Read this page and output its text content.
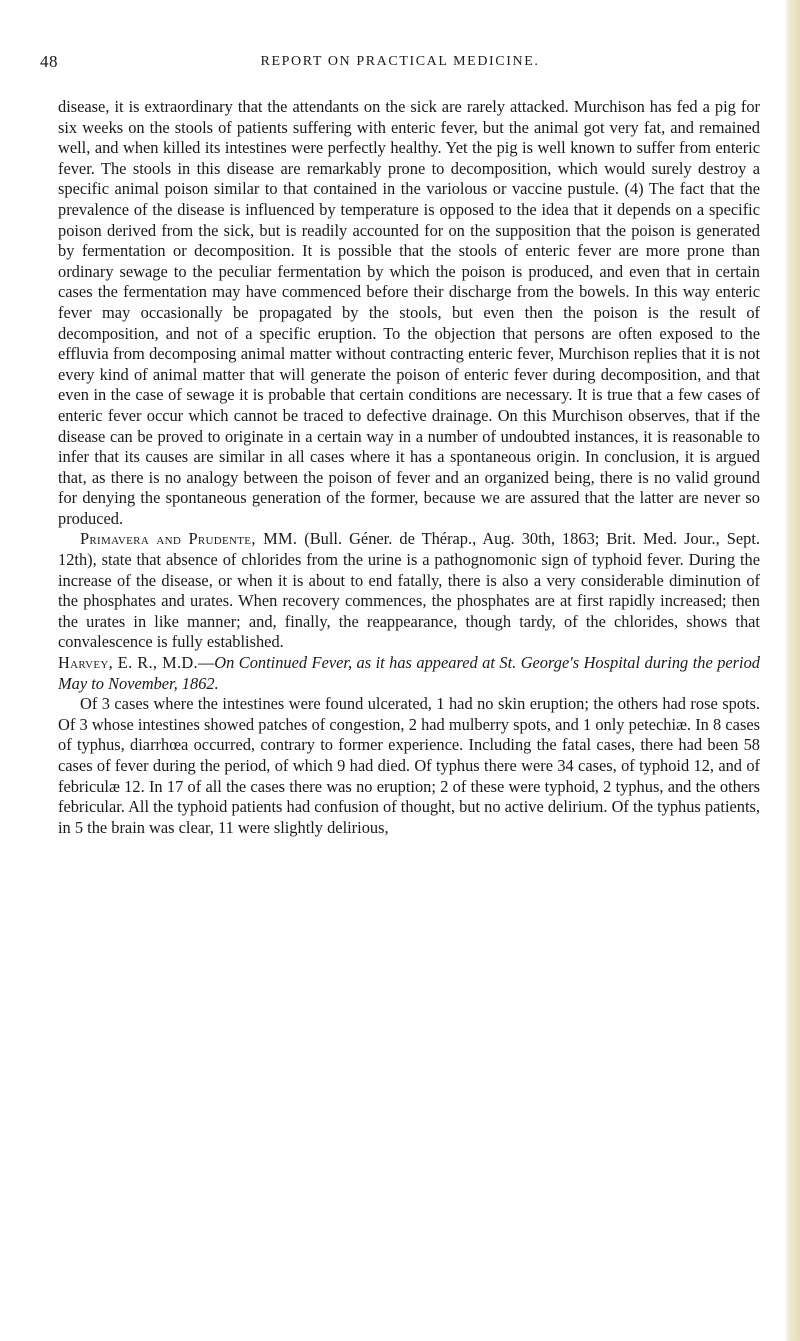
48	REPORT ON PRACTICAL MEDICINE.

disease, it is extraordinary that the attendants on the sick are rarely attacked. Murchison has fed a pig for six weeks on the stools of patients suffering with enteric fever, but the animal got very fat, and remained well, and when killed its intestines were perfectly healthy. Yet the pig is well known to suffer from enteric fever. The stools in this disease are remarkably prone to decomposition, which would surely destroy a specific animal poison similar to that contained in the variolous or vaccine pustule. (4) The fact that the prevalence of the disease is influenced by temperature is opposed to the idea that it depends on a specific poison derived from the sick, but is readily accounted for on the supposition that the poison is generated by fermentation or decomposition. It is possible that the stools of enteric fever are more prone than ordinary sewage to the peculiar fermentation by which the poison is produced, and even that in certain cases the fermentation may have commenced before their discharge from the bowels. In this way enteric fever may occasionally be propagated by the stools, but even then the poison is the result of decomposition, and not of a specific eruption. To the objection that persons are often exposed to the effluvia from decomposing animal matter without contracting enteric fever, Murchison replies that it is not every kind of animal matter that will generate the poison of enteric fever during decomposition, and that even in the case of sewage it is probable that certain conditions are necessary. It is true that a few cases of enteric fever occur which cannot be traced to defective drainage. On this Murchison observes, that if the disease can be proved to originate in a certain way in a number of undoubted instances, it is reasonable to infer that its causes are similar in all cases where it has a spontaneous origin. In conclusion, it is argued that, as there is no analogy between the poison of fever and an organized being, there is no valid ground for denying the spontaneous generation of the former, because we are assured that the latter are never so produced.

Primavera and Prudente, MM. (Bull. Géner. de Thérap., Aug. 30th, 1863; Brit. Med. Jour., Sept. 12th), state that absence of chlorides from the urine is a pathognomonic sign of typhoid fever. During the increase of the disease, or when it is about to end fatally, there is also a very considerable diminution of the phosphates and urates. When recovery commences, the phosphates are at first rapidly increased; then the urates in like manner; and, finally, the reappearance, though tardy, of the chlorides, shows that convalescence is fully established.

Harvey, E. R., M.D.—On Continued Fever, as it has appeared at St. George's Hospital during the period May to November, 1862.

Of 3 cases where the intestines were found ulcerated, 1 had no skin eruption; the others had rose spots. Of 3 whose intestines showed patches of congestion, 2 had mulberry spots, and 1 only petechiæ. In 8 cases of typhus, diarrhœa occurred, contrary to former experience. Including the fatal cases, there had been 58 cases of fever during the period, of which 9 had died. Of typhus there were 34 cases, of typhoid 12, and of febriculæ 12. In 17 of all the cases there was no eruption; 2 of these were typhoid, 2 typhus, and the others febricular. All the typhoid patients had confusion of thought, but no active delirium. Of the typhus patients, in 5 the brain was clear, 11 were slightly delirious,
